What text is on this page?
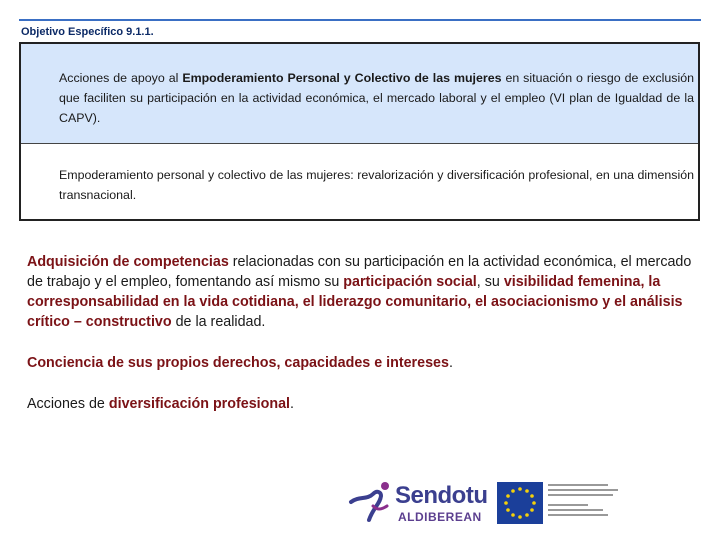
Objetivo Específico 9.1.1.

Acciones de apoyo al Empoderamiento Personal y Colectivo de las mujeres en situación o riesgo de exclusión que faciliten su participación en la actividad económica, el mercado laboral y el empleo (VI plan de Igualdad de la CAPV).

Empoderamiento personal y colectivo de las mujeres: revalorización y diversificación profesional, en una dimensión transnacional.

Adquisición de competencias relacionadas con su participación en la actividad económica, el mercado de trabajo y el empleo, fomentando así mismo su participación social, su visibilidad femenina, la corresponsabilidad en la vida cotidiana, el liderazgo comunitario, el asociacionismo y el análisis crítico – constructivo de la realidad.

Conciencia de sus propios derechos, capacidades e intereses.

Acciones de diversificación profesional.

Sendotu
ALDIBEREAN
